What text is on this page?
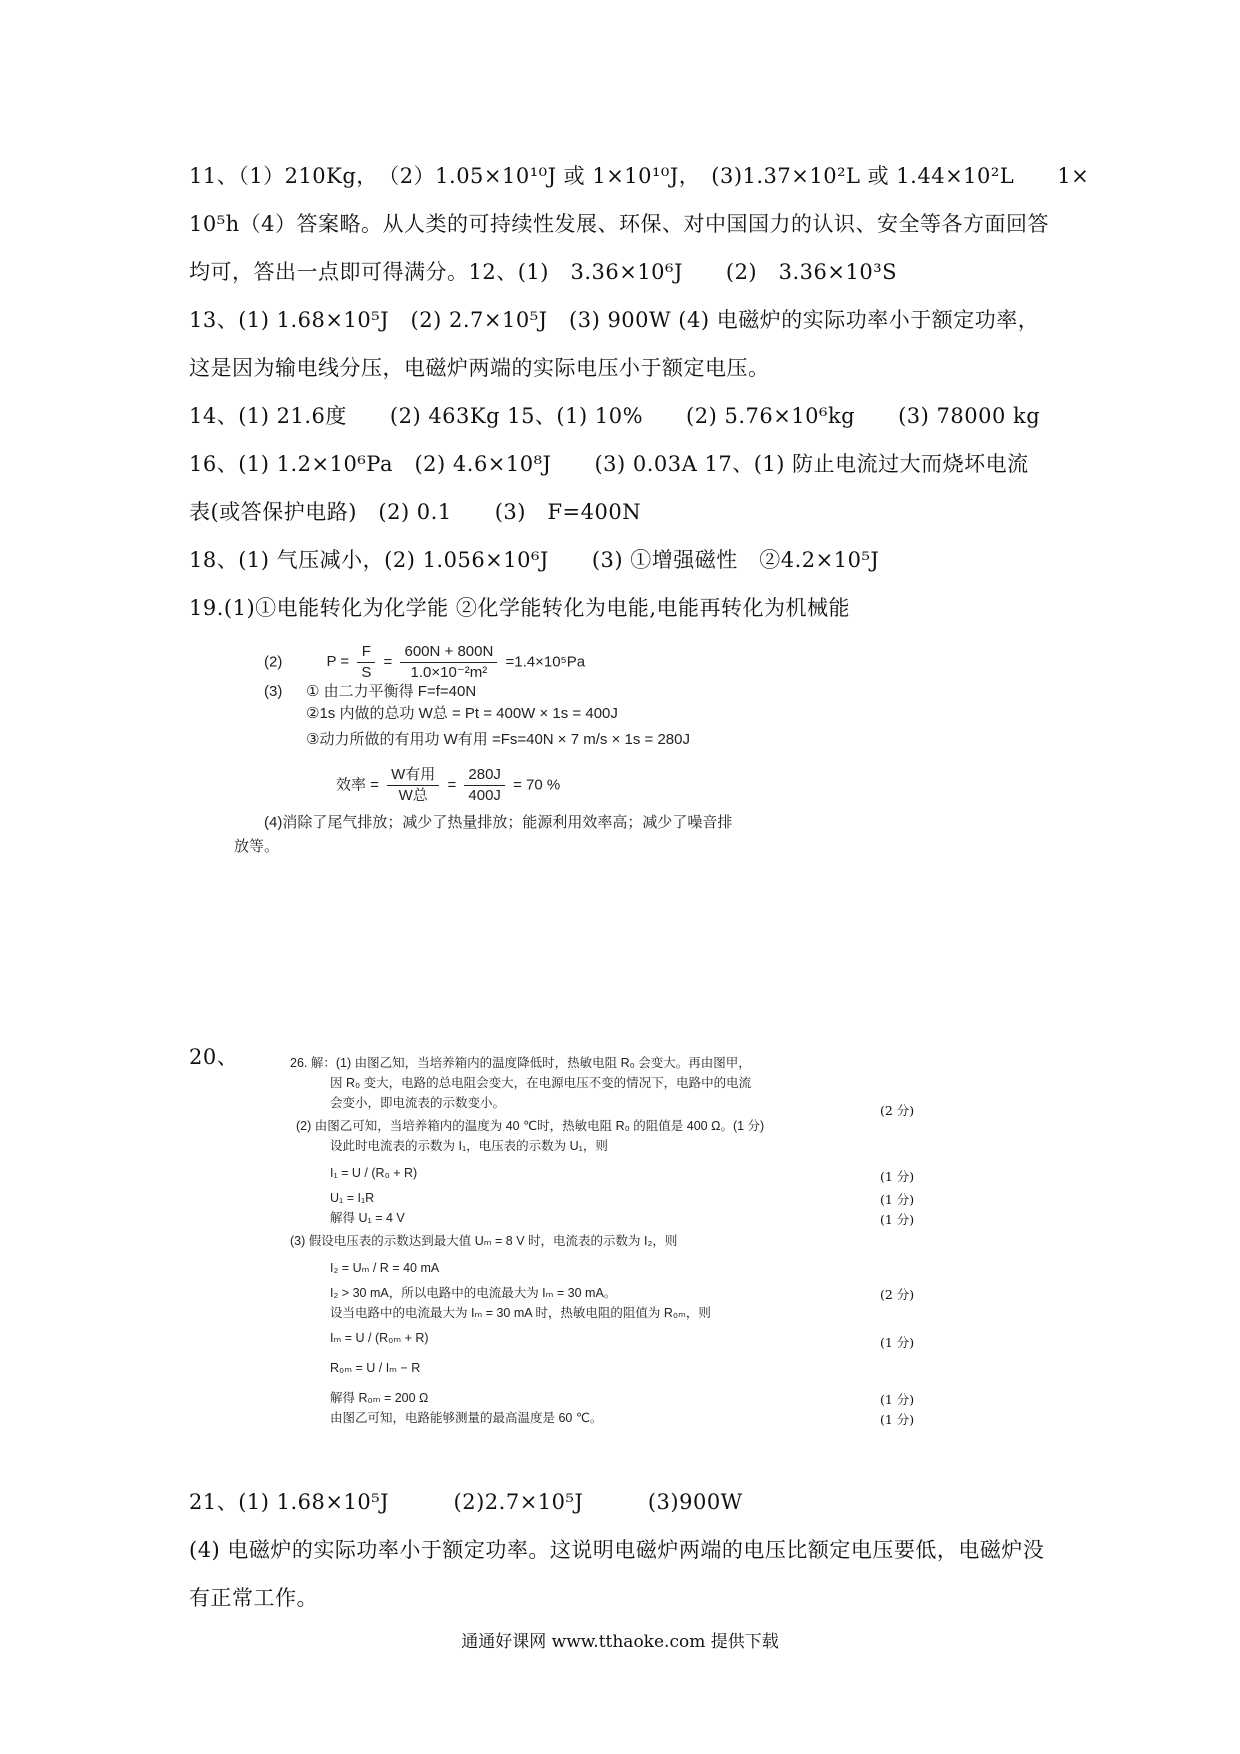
11、（1）210Kg，　（2）1.05×10¹⁰J 或 1×10¹⁰J，　(3)1.37×10²L 或 1.44×10²L　　1×
10⁵h（4）答案略。从人类的可持续性发展、环保、对中国国力的认识、安全等各方面回答
均可，答出一点即可得满分。12、(1)　3.36×10⁶J　　(2)　3.36×10³S
13、(1) 1.68×10⁵J　(2) 2.7×10⁵J　(3) 900W (4) 电磁炉的实际功率小于额定功率，
这是因为输电线分压，电磁炉两端的实际电压小于额定电压。
14、(1) 21.6度　　(2) 463Kg 15、(1) 10%　　(2) 5.76×10⁶kg　　(3) 78000 kg
16、(1) 1.2×10⁶Pa　(2) 4.6×10⁸J　　(3) 0.03A 17、(1) 防止电流过大而烧坏电流
表(或答保护电路)　(2) 0.1　　(3)　F=400N
18、(1) 气压减小，(2) 1.056×10⁶J　　(3) ①增强磁性　②4.2×10⁵J
19.(1)①电能转化为化学能 ②化学能转化为电能,电能再转化为机械能
(2)	$P = \frac{F}{S} = \frac{600N + 800N}{\text{1.0×10⁻²m²}} =1.4\times 10^5Pa$
(3) ① 由二力平衡得 F=f=40N
②1s 内做的总功 W总 = Pt = 400W × 1s = 400J
③动力所做的有用功 W有用 =Fs=40N × 7 m/s × 1s = 280J
效率 = $\frac{\text{W有用}}{\text{W总}} = \frac{280J}{400J} = 70$ %
(4)消除了尾气排放；减少了热量排放；能源利用效率高；减少了噪音排
放等。
20、	26. 解：(1) 由图乙知，当培养箱内的温度降低时，热敏电阻 R₀ 会变大。再由图甲，
因 R₀ 变大，电路的总电阻会变大，在电源电压不变的情况下，电路中的电流
会变小，即电流表的示数变小。	(2 分)
(2) 由图乙可知，当培养箱内的温度为 40 ℃时，热敏电阻 R₀ 的阻值是 400 Ω。(1 分)
设此时电流表的示数为 I₁，电压表的示数为 U₁，则
I₁ = U / (R₀ + R)	(1 分)
U₁ = I₁R	(1 分)
解得 U₁ = 4 V	(1 分)
(3) 假设电压表的示数达到最大值 Uₘ = 8 V 时，电流表的示数为 I₂，则
I₂ = Uₘ / R = 40 mA
I₂ > 30 mA，所以电路中的电流最大为 Iₘ = 30 mA。	(2 分)
设当电路中的电流最大为 Iₘ = 30 mA 时，热敏电阻的阻值为 R₀ₘ，则
Iₘ = U / (R₀ₘ + R)	(1 分)
R₀ₘ = U / Iₘ − R
解得 R₀ₘ = 200 Ω	(1 分)
由图乙可知，电路能够测量的最高温度是 60 ℃。	(1 分)
21、(1) 1.68×10⁵J　　　(2)2.7×10⁵J　　　(3)900W
(4) 电磁炉的实际功率小于额定功率。这说明电磁炉两端的电压比额定电压要低，电磁炉没
有正常工作。
通通好课网 www.tthaoke.com 提供下载
